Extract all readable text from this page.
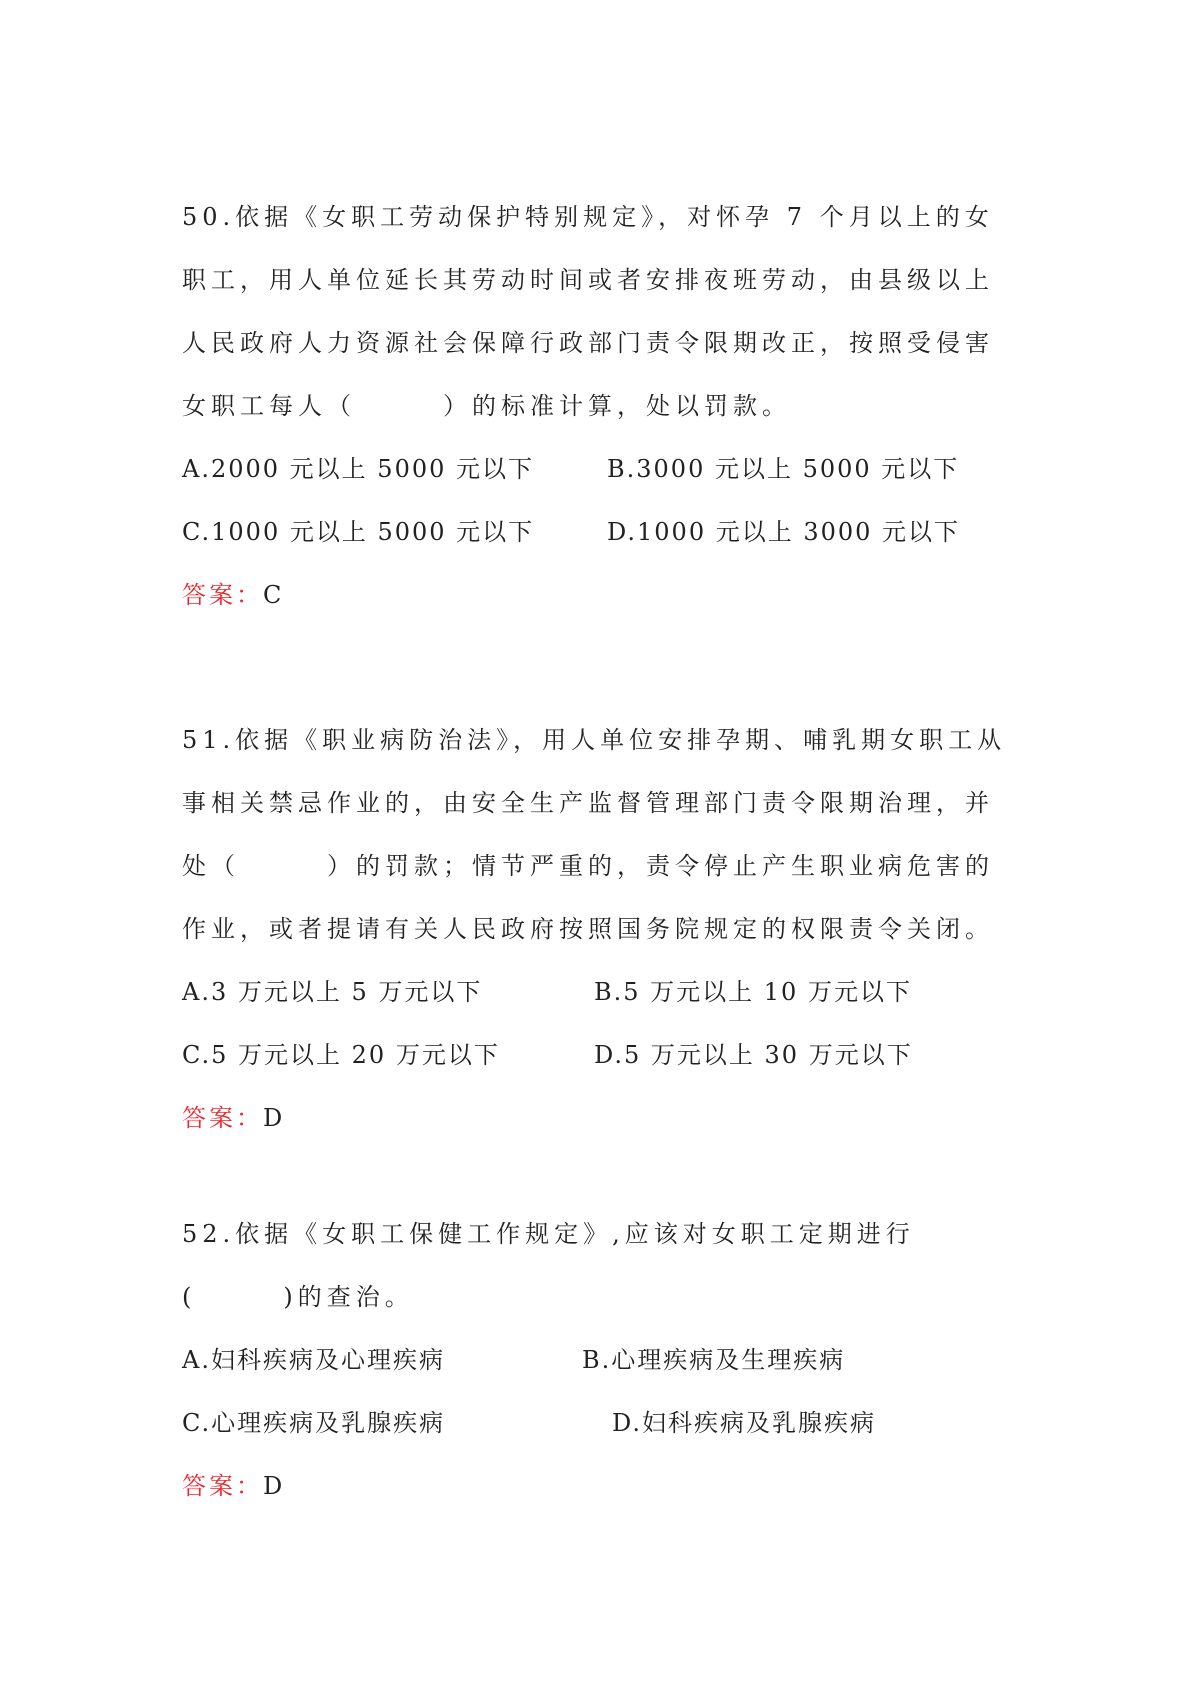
50.依据《女职工劳动保护特别规定》，对怀孕 7 个月以上的女职工，用人单位延长其劳动时间或者安排夜班劳动，由县级以上人民政府人力资源社会保障行政部门责令限期改正，按照受侵害女职工每人（　　　）的标准计算，处以罚款。

A.2000 元以上 5000 元以下	B.3000 元以上 5000 元以下
C.1000 元以上 5000 元以下	D.1000 元以上 3000 元以下
答案：C

51.依据《职业病防治法》，用人单位安排孕期、哺乳期女职工从事相关禁忌作业的，由安全生产监督管理部门责令限期治理，并处（　　　）的罚款；情节严重的，责令停止产生职业病危害的作业，或者提请有关人民政府按照国务院规定的权限责令关闭。

A.3 万元以上 5 万元以下	B.5 万元以上 10 万元以下
C.5 万元以上 20 万元以下	D.5 万元以上 30 万元以下
答案：D

52.依据《女职工保健工作规定》,应该对女职工定期进行(　　　)的查治。

A.妇科疾病及心理疾病	B.心理疾病及生理疾病
C.心理疾病及乳腺疾病	D.妇科疾病及乳腺疾病
答案：D
